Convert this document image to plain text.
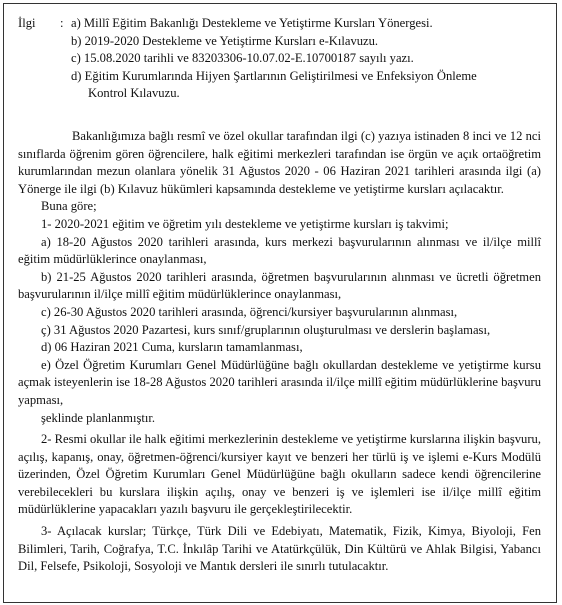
İlgi : a) Millî Eğitim Bakanlığı Destekleme ve Yetiştirme Kursları Yönergesi.
b) 2019-2020 Destekleme ve Yetiştirme Kursları e-Kılavuzu.
c) 15.08.2020 tarihli ve 83203306-10.07.02-E.10700187 sayılı yazı.
d) Eğitim Kurumlarında Hijyen Şartlarının Geliştirilmesi ve Enfeksiyon Önleme
Kontrol Kılavuzu.

Bakanlığımıza bağlı resmî ve özel okullar tarafından ilgi (c) yazıya istinaden 8 inci ve 12 nci sınıflarda öğrenim gören öğrencilere, halk eğitimi merkezleri tarafından ise örgün ve açık ortaöğretim kurumlarından mezun olanlara yönelik 31 Ağustos 2020 - 06 Haziran 2021 tarihleri arasında ilgi (a) Yönerge ile ilgi (b) Kılavuz hükümleri kapsamında destekleme ve yetiştirme kursları açılacaktır.

Buna göre;

1- 2020-2021 eğitim ve öğretim yılı destekleme ve yetiştirme kursları iş takvimi;

a) 18-20 Ağustos 2020 tarihleri arasında, kurs merkezi başvurularının alınması ve il/ilçe millî eğitim müdürlüklerince onaylanması,

b) 21-25 Ağustos 2020 tarihleri arasında, öğretmen başvurularının alınması ve ücretli öğretmen başvurularının il/ilçe millî eğitim müdürlüklerince onaylanması,

c) 26-30 Ağustos 2020 tarihleri arasında, öğrenci/kursiyer başvurularının alınması,

ç) 31 Ağustos 2020 Pazartesi, kurs sınıf/gruplarının oluşturulması ve derslerin başlaması,

d) 06 Haziran 2021 Cuma, kursların tamamlanması,

e) Özel Öğretim Kurumları Genel Müdürlüğüne bağlı okullardan destekleme ve yetiştirme kursu açmak isteyenlerin ise 18-28 Ağustos 2020 tarihleri arasında il/ilçe millî eğitim müdürlüklerine başvuru yapması,

şeklinde planlanmıştır.

2- Resmi okullar ile halk eğitimi merkezlerinin destekleme ve yetiştirme kurslarına ilişkin başvuru, açılış, kapanış, onay, öğretmen-öğrenci/kursiyer kayıt ve benzeri her türlü iş ve işlemi e-Kurs Modülü üzerinden, Özel Öğretim Kurumları Genel Müdürlüğüne bağlı okulların sadece kendi öğrencilerine verebilecekleri bu kurslara ilişkin açılış, onay ve benzeri iş ve işlemleri ise il/ilçe millî eğitim müdürlüklerine yapacakları yazılı başvuru ile gerçekleştirilecektir.

3- Açılacak kurslar; Türkçe, Türk Dili ve Edebiyatı, Matematik, Fizik, Kimya, Biyoloji, Fen Bilimleri, Tarih, Coğrafya, T.C. İnkılâp Tarihi ve Atatürkçülük, Din Kültürü ve Ahlak Bilgisi, Yabancı Dil, Felsefe, Psikoloji, Sosyoloji ve Mantık dersleri ile sınırlı tutulacaktır.
